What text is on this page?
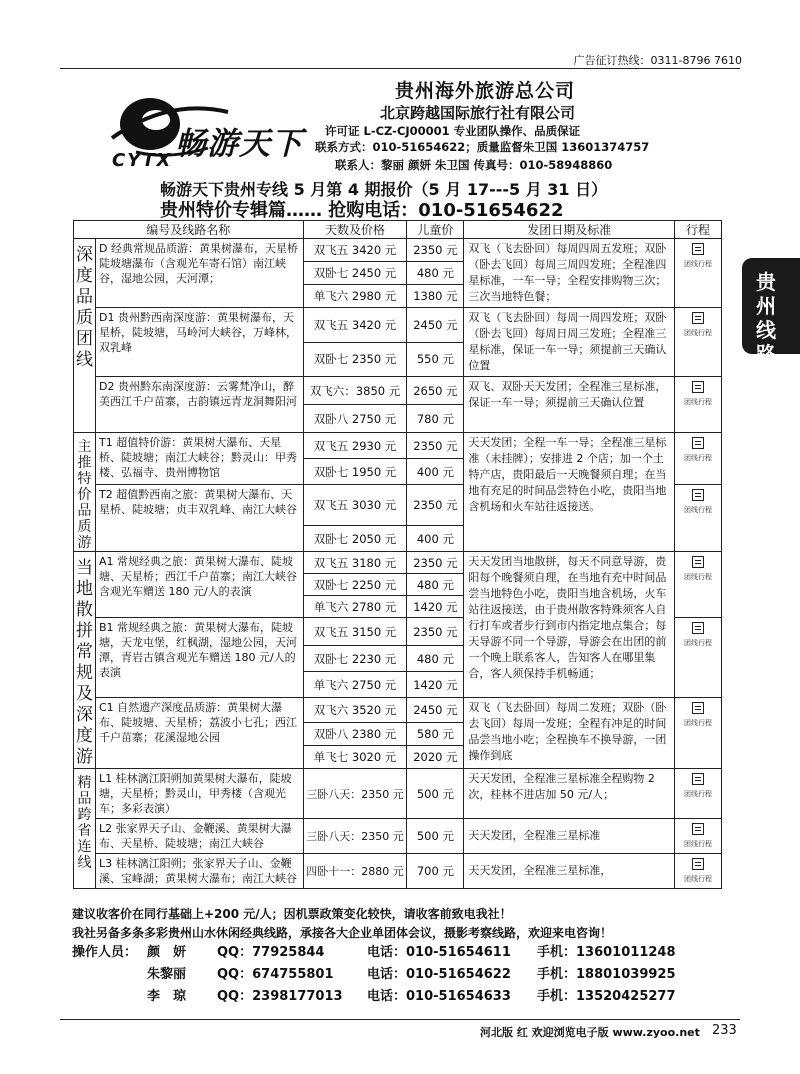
广告征订热线：0311-8796 7610
畅游天下
CYTX
贵州海外旅游总公司
北京跨越国际旅行社有限公司
许可证 L-CZ-CJ00001 专业团队操作、品质保证
联系方式：010-51654622；质量监督朱卫国 13601374757
联系人：黎丽 颜妍 朱卫国 传真号：010-58948860
畅游天下贵州专线 5 月第 4 期报价（5 月 17---5 月 31 日）
贵州特价专辑篇…… 抢购电话：010-51654622
贵州线路
编号及线路名称		天数及价格	儿童价	发团日期及标准	行程

深度品质团线	D 经典常规品质游：黄果树瀑布，天星桥陡坡塘瀑布（含观光车寄石馆）南江峡谷，湿地公园，天河潭；	双飞五 3420 元	2350 元	双飞（飞去卧回）每周四周五发班；双卧（卧去飞回）每周三周四发班；全程准四星标准，一车一导；全程安排购物三次；三次当地特色餐；	团线行程

		双卧七 2450 元	480 元		
		单飞六 2980 元	1380 元		
	D1 贵州黔西南深度游：黄果树瀑布，天星桥，陡坡塘，马岭河大峡谷，万峰林，双乳峰	双飞五 3420 元	2450 元	双飞（飞去卧回）每周一周四发班；双卧（卧去飞回）每周日周三发班；全程准三星标准，保证一车一导；须提前三天确认位置	团线行程

		双卧七 2350 元	550 元		
	D2 贵州黔东南深度游：云雾梵净山，醉美西江千户苗寨，古韵镇远青龙洞舞阳河	双飞六：3850 元	2650 元	双飞、双卧天天发团；全程准三星标准，保证一车一导；须提前三天确认位置	团线行程

		双卧八 2750 元	780 元		

主推特价品质游	T1 超值特价游：黄果树大瀑布、天星桥、陡坡塘；南江大峡谷；黔灵山：甲秀楼、弘福寺、贵州博物馆	双飞五 2930 元	2350 元	天天发团；全程一车一导；全程准三星标准（未挂牌）；安排进 2 个店；加一个土特产店，贵阳最后一天晚餐须自理；在当地有充足的时间品尝特色小吃，贵阳当地含机场和火车站往返接送。	团线行程

		双卧七 1950 元	400 元		
	T2 超值黔西南之旅：黄果树大瀑布、天星桥、陡坡塘；贞丰双乳峰、南江大峡谷	双飞五 3030 元	2350 元		团线行程

		双卧七 2050 元	400 元		

当地散拼常规及深度游	A1 常规经典之旅：黄果树大瀑布、陡坡塘、天星桥；西江千户苗寨；南江大峡谷含观光车赠送 180 元/人的表演	双飞五 3180 元	2350 元	天天发团当地散拼，每天不同意导游，贵阳每个晚餐须自理，在当地有充中时间品尝当地特色小吃，贵阳当地含机场，火车站往返接送，由于贵州散客特殊须客人自行打车或者步行到市内指定地点集合；每天导游不同一个导游，导游会在出团的前一个晚上联系客人，告知客人在哪里集合，客人须保持手机畅通；	团线行程

		双卧七 2250 元	480 元		
		单飞六 2780 元	1420 元		
	B1 常规经典之旅：黄果树大瀑布，陡坡塘，天龙屯堡，红枫湖，湿地公园，天河潭，青岩古镇含观光车赠送 180 元/人的表演	双飞五 3150 元	2350 元		团线行程

		双卧七 2230 元	480 元		
		单飞六 2750 元	1420 元		
	C1 自然遗产深度品质游：黄果树大瀑布、陡坡塘、天星桥；荔波小七孔；西江千户苗寨；花溪湿地公园	双飞六 3520 元	2450 元	双飞（飞去卧回）每周二发班；双卧（卧去飞回）每周一发班；全程有冲足的时间品尝当地小吃；全程换车不换导游，一团操作到底	团线行程

		双卧八 2380 元	580 元		
		单飞七 3020 元	2020 元		

精品跨省连线	L1 桂林漓江阳朔加黄果树大瀑布，陡坡塘，天星桥；黔灵山，甲秀楼（含观光车；多彩表演）	三卧八天：2350 元	500 元	天天发团，全程准三星标准全程购物 2 次，桂林不进店加 50 元/人；	团线行程

	L2 张家界天子山、金鞭溪、黄果树大瀑布、天星桥、陡坡塘；南江大峡谷	三卧八天：2350 元	500 元	天天发团，全程准三星标准	团线行程

	L3 桂林漓江阳朔；张家界天子山、金鞭溪、宝峰湖；黄果树大瀑布；南江大峡谷	四卧十一：2880 元	700 元	天天发团，全程准三星标准，	团线行程
建议收客价在同行基础上+200 元/人；因机票政策变化较快，请收客前致电我社！
我社另备多条多彩贵州山水休闲经典线路，承接各大企业单团体会议，摄影考察线路，欢迎来电咨询！
操作人员： 颜　妍	QQ：77925844	电话：010-51654611	手机：13601011248
朱黎丽	QQ：674755801	电话：010-51654622	手机：18801039925
李　琼	QQ：2398177013	电话：010-51654633	手机：13520425277
河北版 红 欢迎浏览电子版 www.zyoo.net 233
